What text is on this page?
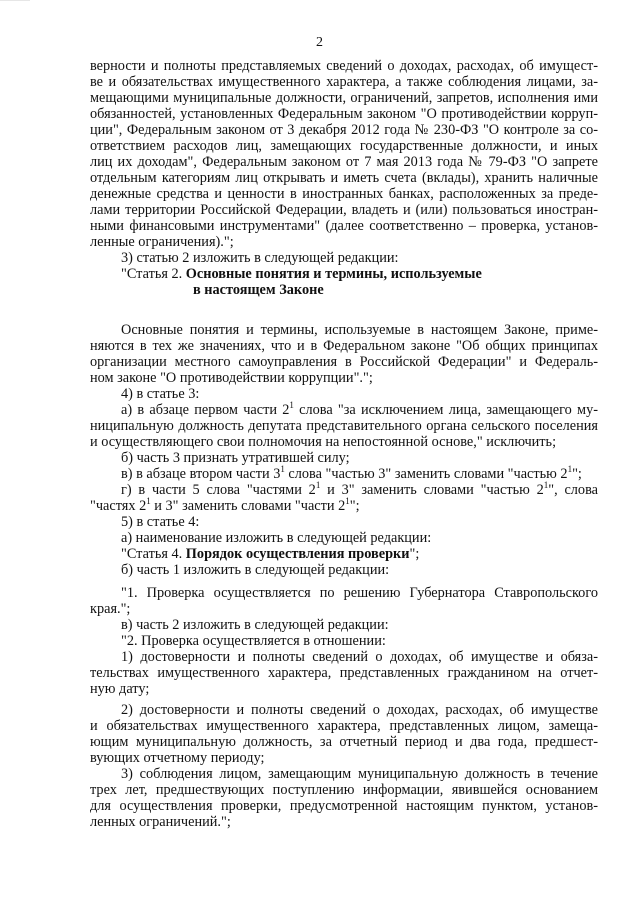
2
верности и полноты представляемых сведений о доходах, расходах, об имущест-
ве и обязательствах имущественного характера, а также соблюдения лицами, за-
мещающими муниципальные должности, ограничений, запретов, исполнения ими
обязанностей, установленных Федеральным законом "О противодействии корруп-
ции", Федеральным законом от 3 декабря 2012 года № 230-ФЗ "О контроле за со-
ответствием расходов лиц, замещающих государственные должности, и иных
лиц их доходам", Федеральным законом от 7 мая 2013 года № 79-ФЗ "О запрете
отдельным категориям лиц открывать и иметь счета (вклады), хранить наличные
денежные средства и ценности в иностранных банках, расположенных за преде-
лами территории Российской Федерации, владеть и (или) пользоваться иностран-
ными финансовыми инструментами" (далее соответственно – проверка, установ-
ленные ограничения).";
3) статью 2 изложить в следующей редакции:
"Статья 2. Основные понятия и термины, используемые
в настоящем Законе
Основные понятия и термины, используемые в настоящем Законе, приме-
няются в тех же значениях, что и в Федеральном законе "Об общих принципах
организации местного самоуправления в Российской Федерации" и Федераль-
ном законе "О противодействии коррупции".";
4) в статье 3:
а) в абзаце первом части $2^1$ слова "за исключением лица, замещающего му-
ниципальную должность депутата представительного органа сельского поселения
и осуществляющего свои полномочия на непостоянной основе," исключить;
б) часть 3 признать утратившей силу;
в) в абзаце втором части $3^1$ слова "частью 3" заменить словами "частью $2^1$";
г) в части 5 слова "частями $2^1$ и 3" заменить словами "частью $2^1$", слова
"частях $2^1$ и 3" заменить словами "части $2^1$";
5) в статье 4:
а) наименование изложить в следующей редакции:
"Статья 4. Порядок осуществления проверки";
б) часть 1 изложить в следующей редакции:
"1. Проверка осуществляется по решению Губернатора Ставропольского
края.";
в) часть 2 изложить в следующей редакции:
"2. Проверка осуществляется в отношении:
1) достоверности и полноты сведений о доходах, об имуществе и обяза-
тельствах имущественного характера, представленных гражданином на отчет-
ную дату;
2) достоверности и полноты сведений о доходах, расходах, об имуществе
и обязательствах имущественного характера, представленных лицом, замеща-
ющим муниципальную должность, за отчетный период и два года, предшест-
вующих отчетному периоду;
3) соблюдения лицом, замещающим муниципальную должность в течение
трех лет, предшествующих поступлению информации, явившейся основанием
для осуществления проверки, предусмотренной настоящим пунктом, установ-
ленных ограничений.";
